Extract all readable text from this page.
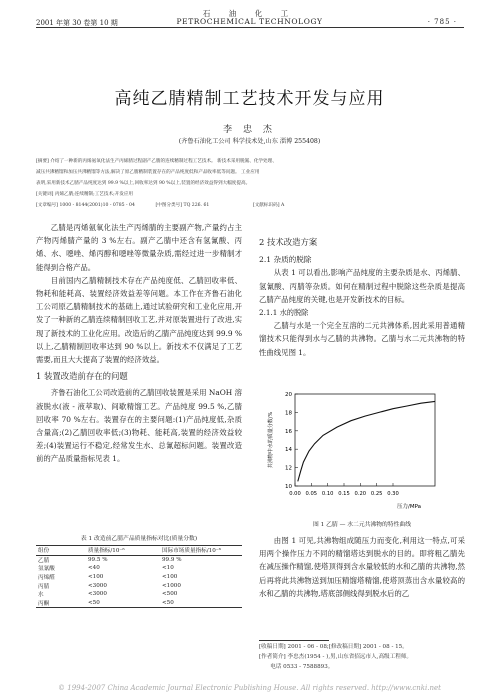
石 油 化 工
2001 年第 30 卷第 10 期	PETROCHEMICAL TECHNOLOGY	· 785 ·
高纯乙腈精制工艺技术开发与应用
李 忠 杰
(齐鲁石油化工公司 科学技术处,山东 淄博 255408)
[摘要] 介绍了一种新的丙烯氨氧化法生产丙烯腈过程副产乙腈的连续精制过程工艺技术。 新技术采用脱氰、化学处理、
减压共沸精馏和加压共沸精馏等方法,解决了原乙腈精制装置存在的产品纯度低和产品收率低等问题。 工业应用
表明,采用新技术乙腈产品纯度达到 99.9 %以上,回收率达到 90 %以上,装置的经济效益得到大幅度提高。
[关键词] 丙烯乙腈;连续精制;工艺技术;开发应用
[文章编号] 1000 - 8144(2001)10 - 0785 - 04	[中图分类号] TQ 226. 61	[文献标识码] A

乙腈是丙烯氨氧化法生产丙烯腈的主要副产物,产量约占主产物丙烯腈产量的 3 %左右。副产乙腈中还含有氢氰酸、丙烯、水、噁唑、烯丙醇和噁唑等微量杂质,需经过进一步精制才能得到合格产品。

目前国内乙腈精制技术存在产品纯度低、乙腈回收率低、物耗和能耗高、装置经济效益差等问题。本工作在齐鲁石油化工公司原乙腈精制技术的基础上,通过试验研究和工业化应用,开发了一种新的乙腈连续精制回收工艺,并对原装置进行了改进,实现了新技术的工业化应用。改造后的乙腈产品纯度达到 99.9 %以上,乙腈精制回收率达到 90 %以上。新技术不仅满足了工艺需要,而且大大提高了装置的经济效益。

1 装置改造前存在的问题

齐鲁石油化工公司改造前的乙腈回收装置是采用 NaOH 溶液脱水(液 - 液萃取)、间歇精馏工艺。产品纯度 99.5 %,乙腈回收率 70 %左右。装置存在的主要问题:(1)产品纯度低,杂质含量高;(2)乙腈回收率低;(3)物耗、能耗高,装置的经济效益较差;(4)装置运行不稳定,经常发生水、总氰超标问题。装置改造前的产品质量指标见表 1。

表 1 改造前乙腈产品质量指标对比(质量分数)
组份	质量指标/10⁻⁶	国际市场质量指标/10⁻⁶
乙腈	99.5 %	99.9 %
氢氰酸	<40	<10
丙烯醛	<100	<100
丙腈	<3000	<1000
水	<3000	<500
丙酮	<50	<50
2 技术改造方案
2.1 杂质的脱除

从表 1 可以看出,影响产品纯度的主要杂质是水、丙烯腈、氢氰酸、丙腈等杂质。如何在精制过程中脱除这些杂质是提高乙腈产品纯度的关键,也是开发新技术的目标。

2.1.1 水的脱除

乙腈与水是一个完全互溶的二元共沸体系,因此采用普通精馏技术只能得到水与乙腈的共沸物。乙腈与水二元共沸物的特性曲线见图 1。

10
12
14
16
18
20
0.00 0.05 0.10 0.15 0.20 0.25 0.30
共沸物中水的质量分数/%
压力/MPa
图 1 乙腈 — 水二元共沸物的特性曲线

由图 1 可见,共沸物组成随压力而变化,利用这一特点,可采用两个操作压力不同的精馏塔达到脱水的目的。即将粗乙腈先在减压操作精馏,使塔顶得到含水量较低的水和乙腈的共沸物,然后再将此共沸物送到加压精馏塔精馏,使塔顶蒸出含水量较高的水和乙腈的共沸物,塔底部侧线得到脱水后的乙

[收稿日期] 2001 - 06 - 08;[修改稿日期] 2001 - 08 - 15。
[作者简介] 李忠杰(1954 - ),男,山东省招远市人,高级工程师。
电话 0533 - 7588893。
© 1994-2007 China Academic Journal Electronic Publishing House. All rights reserved. http://www.cnki.net
